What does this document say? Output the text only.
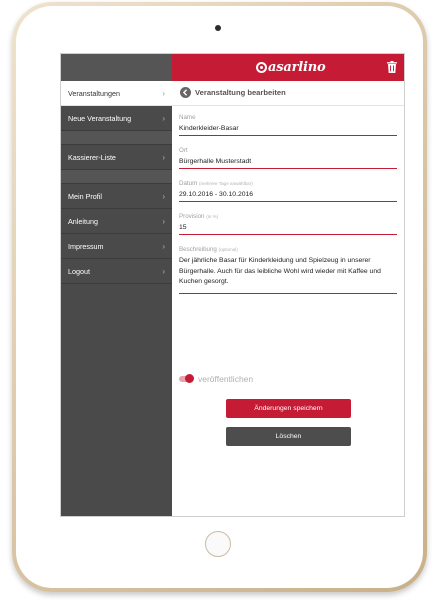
Veranstaltungen	›
Neue Veranstaltung	›
Kassierer-Liste	›
Mein Profil	›
Anleitung	›
Impressum	›
Logout	›
asarlino
Veranstaltung bearbeiten
Name
Kinderkleider-Basar
Ort
Bürgerhalle Musterstadt
Datum (mehrere Tage anwählbar)
29.10.2016 - 30.10.2016
Provision (in %)
15
Beschreibung (optional)
Der jährliche Basar für Kinderkleidung und Spielzeug in unserer Bürgerhalle. Auch für das leibliche Wohl wird wieder mit Kaffee und Kuchen gesorgt.
veröffentlichen
Änderungen speichern
Löschen
